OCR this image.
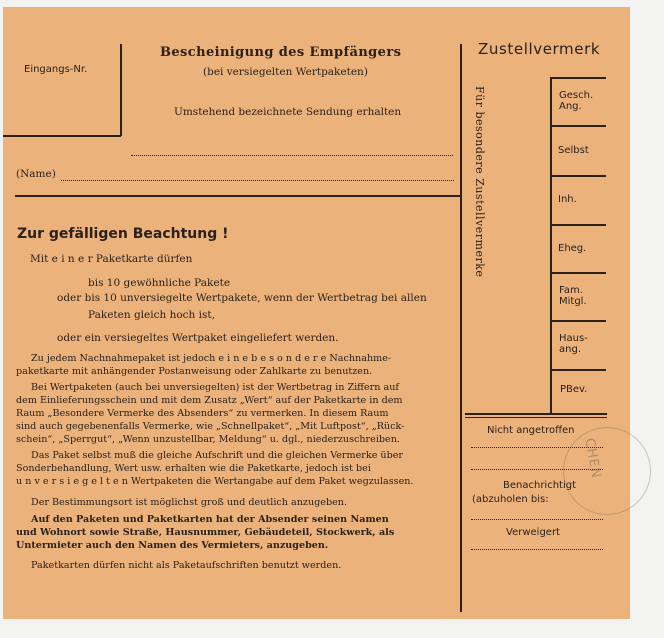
Eingangs-Nr.
Bescheinigung des Empfängers
(bei versiegelten Wertpaketen)
Umstehend bezeichnete Sendung erhalten
(Name)
Zustellvermerk
Für besondere Zustellvermerke	Gesch. Ang.
Selbst
Inh.
Eheg.
Fam. Mitgl.
Haus- ang.
PBev.
Nicht angetroffen
Benachrichtigt
(abzuholen bis:
Verweigert
CHEN
Zur gefälligen Beachtung !
Mit e i n e r Paketkarte dürfen
bis 10 gewöhnliche Pakete
oder bis 10 unversiegelte Wertpakete, wenn der Wertbetrag bei allen
Paketen gleich hoch ist,
oder ein versiegeltes Wertpaket eingeliefert werden.
Zu jedem Nachnahmepaket ist jedoch e i n e b e s o n d e r e Nachnahme-
paketkarte mit anhängender Postanweisung oder Zahlkarte zu benutzen.
Bei Wertpaketen (auch bei unversiegelten) ist der Wertbetrag in Ziffern auf
dem Einlieferungsschein und mit dem Zusatz „Wert“ auf der Paketkarte in dem
Raum „Besondere Vermerke des Absenders“ zu vermerken. In diesem Raum
sind auch gegebenenfalls Vermerke, wie „Schnellpaket“, „Mit Luftpost“, „Rück-
schein“, „Sperrgut“, „Wenn unzustellbar, Meldung“ u. dgl., niederzuschreiben.
Das Paket selbst muß die gleiche Aufschrift und die gleichen Vermerke über
Sonderbehandlung, Wert usw. erhalten wie die Paketkarte, jedoch ist bei
u n v e r s i e g e l t e n Wertpaketen die Wertangabe auf dem Paket wegzulassen.
Der Bestimmungsort ist möglichst groß und deutlich anzugeben.
Auf den Paketen und Paketkarten hat der Absender seinen Namen
und Wohnort sowie Straße, Hausnummer, Gebäudeteil, Stockwerk, als
Untermieter auch den Namen des Vermieters, anzugeben.
Paketkarten dürfen nicht als Paketaufschriften benutzt werden.
